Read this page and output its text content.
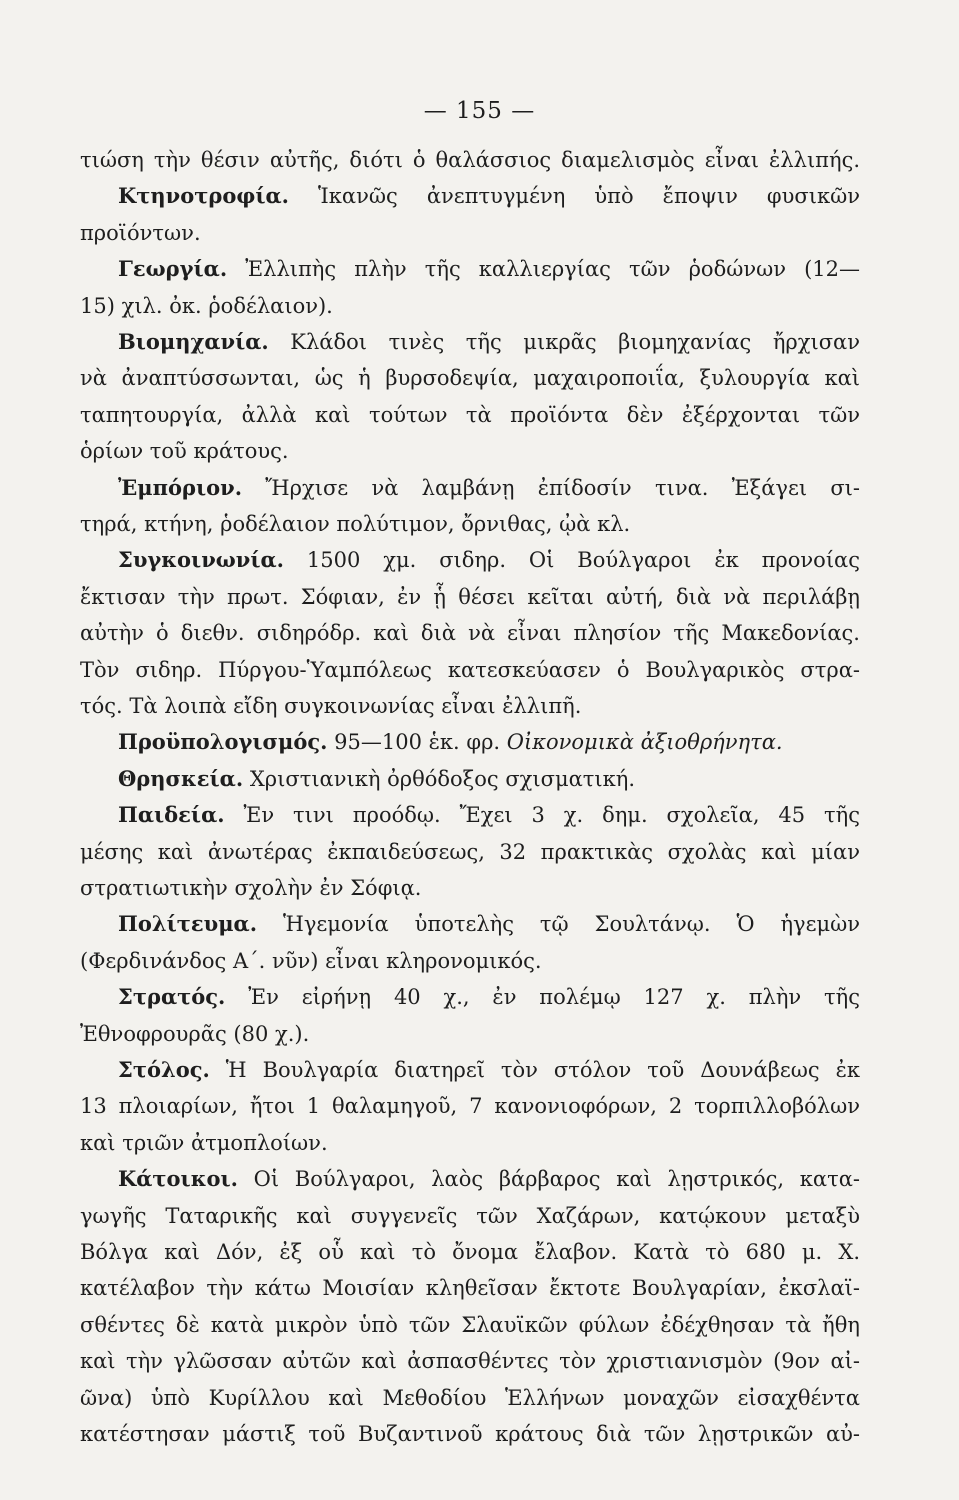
— 155 —
τιώση τὴν θέσιν αὐτῆς, διότι ὁ θαλάσσιος διαμελισμὸς εἶναι ἐλλιπής.
Κτηνοτροφία. Ἱκανῶς ἀνεπτυγμένη ὑπὸ ἔποψιν φυσικῶν
προϊόντων.
Γεωργία. Ἐλλιπὴς πλὴν τῆς καλλιεργίας τῶν ῥοδώνων (12—
15) χιλ. ὀκ. ῥοδέλαιον).
Βιομηχανία. Κλάδοι τινὲς τῆς μικρᾶς βιομηχανίας ἤρχισαν
νὰ ἀναπτύσσωνται, ὡς ἡ βυρσοδεψία, μαχαιροποιΐα, ξυλουργία καὶ
ταπητουργία, ἀλλὰ καὶ τούτων τὰ προϊόντα δὲν ἐξέρχονται τῶν
ὁρίων τοῦ κράτους.
Ἐμπόριον. Ἤρχισε νὰ λαμβάνῃ ἐπίδοσίν τινα. Ἐξάγει σι-
τηρά, κτήνη, ῥοδέλαιον πολύτιμον, ὄρνιθας, ᾠὰ κλ.
Συγκοινωνία. 1500 χμ. σιδηρ. Οἱ Βούλγαροι ἐκ προνοίας
ἔκτισαν τὴν πρωτ. Σόφιαν, ἐν ᾗ θέσει κεῖται αὐτή, διὰ νὰ περιλάβῃ
αὐτὴν ὁ διεθν. σιδηρόδρ. καὶ διὰ νὰ εἶναι πλησίον τῆς Μακεδονίας.
Τὸν σιδηρ. Πύργου-Ὑαμπόλεως κατεσκεύασεν ὁ Βουλγαρικὸς στρα-
τός. Τὰ λοιπὰ εἴδη συγκοινωνίας εἶναι ἐλλιπῆ.
Προϋπολογισμός. 95—100 ἑκ. φρ. Οἰκονομικὰ ἀξιοθρήνητα.
Θρησκεία. Χριστιανικὴ ὀρθόδοξος σχισματική.
Παιδεία. Ἐν τινι προόδῳ. Ἔχει 3 χ. δημ. σχολεῖα, 45 τῆς
μέσης καὶ ἀνωτέρας ἐκπαιδεύσεως, 32 πρακτικὰς σχολὰς καὶ μίαν
στρατιωτικὴν σχολὴν ἐν Σόφιᾳ.
Πολίτευμα. Ἡγεμονία ὑποτελὴς τῷ Σουλτάνῳ. Ὁ ἡγεμὼν
(Φερδινάνδος Α΄. νῦν) εἶναι κληρονομικός.
Στρατός. Ἐν εἰρήνῃ 40 χ., ἐν πολέμῳ 127 χ. πλὴν τῆς
Ἐθνοφρουρᾶς (80 χ.).
Στόλος. Ἡ Βουλγαρία διατηρεῖ τὸν στόλον τοῦ Δουνάβεως ἐκ
13 πλοιαρίων, ἤτοι 1 θαλαμηγοῦ, 7 κανονιοφόρων, 2 τορπιλλοβόλων
καὶ τριῶν ἀτμοπλοίων.
Κάτοικοι. Οἱ Βούλγαροι, λαὸς βάρβαρος καὶ λῃστρικός, κατα-
γωγῆς Ταταρικῆς καὶ συγγενεῖς τῶν Χαζάρων, κατῴκουν μεταξὺ
Βόλγα καὶ Δόν, ἐξ οὗ καὶ τὸ ὄνομα ἔλαβον. Κατὰ τὸ 680 μ. Χ.
κατέλαβον τὴν κάτω Μοισίαν κληθεῖσαν ἔκτοτε Βουλγαρίαν, ἐκσλαϊ-
σθέντες δὲ κατὰ μικρὸν ὑπὸ τῶν Σλαυϊκῶν φύλων ἐδέχθησαν τὰ ἤθη
καὶ τὴν γλῶσσαν αὐτῶν καὶ ἀσπασθέντες τὸν χριστιανισμὸν (9ον αἰ-
ῶνα) ὑπὸ Κυρίλλου καὶ Μεθοδίου Ἑλλήνων μοναχῶν εἰσαχθέντα
κατέστησαν μάστιξ τοῦ Βυζαντινοῦ κράτους διὰ τῶν λῃστρικῶν αὐ-
